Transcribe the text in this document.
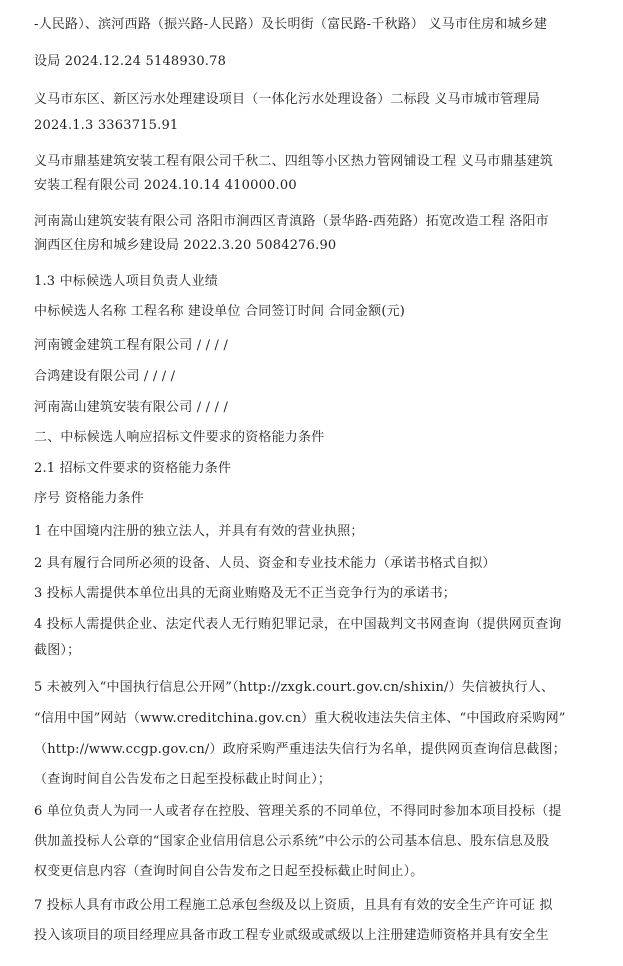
-人民路）、滨河西路（振兴路-人民路）及长明街（富民路-千秋路） 义马市住房和城乡建
设局 2024.12.24 5148930.78
义马市东区、新区污水处理建设项目（一体化污水处理设备）二标段 义马市城市管理局
2024.1.3 3363715.91
义马市鼎基建筑安装工程有限公司千秋二、四组等小区热力管网铺设工程 义马市鼎基建筑
安装工程有限公司 2024.10.14 410000.00
河南嵩山建筑安装有限公司 洛阳市涧西区青滇路（景华路-西苑路）拓宽改造工程 洛阳市
涧西区住房和城乡建设局 2022.3.20 5084276.90
1.3 中标候选人项目负责人业绩
中标候选人名称 工程名称 建设单位 合同签订时间 合同金额(元)
河南镀金建筑工程有限公司 / / / /
合鸿建设有限公司 / / / /
河南嵩山建筑安装有限公司 / / / /
二、中标候选人响应招标文件要求的资格能力条件
2.1 招标文件要求的资格能力条件
序号 资格能力条件
1 在中国境内注册的独立法人，并具有有效的营业执照；
2 具有履行合同所必须的设备、人员、资金和专业技术能力（承诺书格式自拟）
3 投标人需提供本单位出具的无商业贿赂及无不正当竞争行为的承诺书；
4 投标人需提供企业、法定代表人无行贿犯罪记录，在中国裁判文书网查询（提供网页查询
截图）；
5 未被列入“中国执行信息公开网”（http://zxgk.court.gov.cn/shixin/）失信被执行人、
“信用中国”网站（www.creditchina.gov.cn）重大税收违法失信主体、“中国政府采购网”
（http://www.ccgp.gov.cn/）政府采购严重违法失信行为名单，提供网页查询信息截图；
（查询时间自公告发布之日起至投标截止时间止）；
6 单位负责人为同一人或者存在控股、管理关系的不同单位，不得同时参加本项目投标（提
供加盖投标人公章的“国家企业信用信息公示系统”中公示的公司基本信息、股东信息及股
权变更信息内容（查询时间自公告发布之日起至投标截止时间止）。
7 投标人具有市政公用工程施工总承包叁级及以上资质，且具有有效的安全生产许可证 拟
投入该项目的项目经理应具备市政工程专业贰级或贰级以上注册建造师资格并具有安全生
